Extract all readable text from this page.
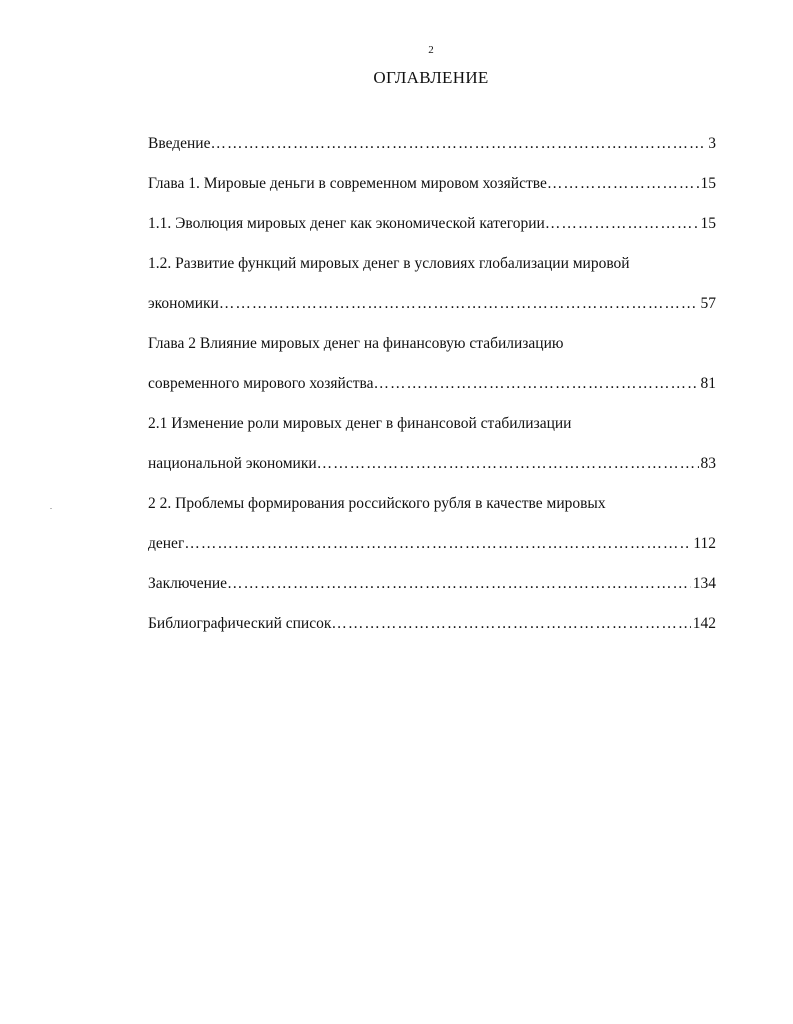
2
ОГЛАВЛЕНИЕ
Введение ……………………………………………………………………………………………………………………………	3
Глава 1. Мировые деньги в современном мировом хозяйстве ……………………………………………………………………………………………………………………………	15
1.1. Эволюция мировых денег как экономической категории ……………………………………………………………………………………………………………………………	15
1.2. Развитие функций мировых денег в условиях глобализации мировой
экономики ……………………………………………………………………………………………………………………………	57
Глава 2 Влияние мировых денег на финансовую стабилизацию
современного мирового хозяйства ……………………………………………………………………………………………………………………………	81
2.1 Изменение роли мировых денег в финансовой стабилизации
национальной экономики ……………………………………………………………………………………………………………………………	83
2 2. Проблемы формирования российского рубля в качестве мировых
денег ……………………………………………………………………………………………………………………………	112
Заключение ……………………………………………………………………………………………………………………………	134
Библиографический список ……………………………………………………………………………………………………………………………	142
